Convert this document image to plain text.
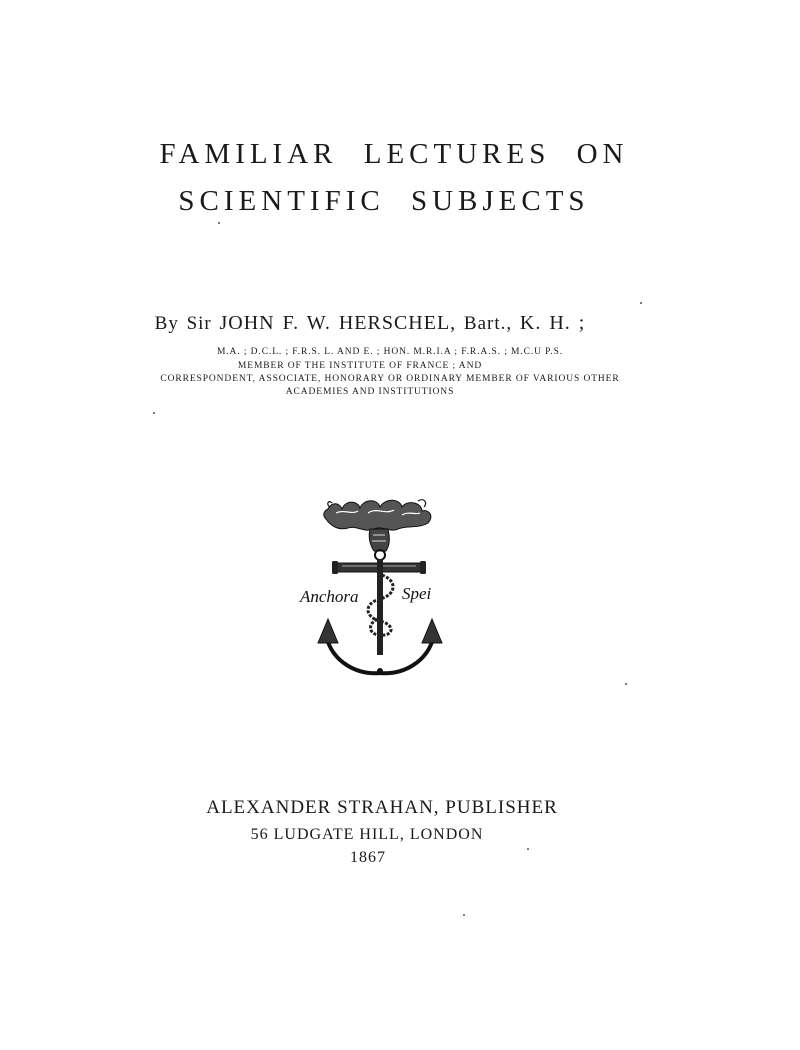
FAMILIAR LECTURES ON
SCIENTIFIC SUBJECTS
By Sir JOHN F. W. HERSCHEL, Bart., K. H. ;
M.A. ; D.C.L. ; F.R.S. L. AND E. ; HON. M.R.I.A ; F.R.A.S. ; M.C.U P.S.
MEMBER OF THE INSTITUTE OF FRANCE ; AND
CORRESPONDENT, ASSOCIATE, HONORARY OR ORDINARY MEMBER OF VARIOUS OTHER
ACADEMIES AND INSTITUTIONS
Anchora	Spei
ALEXANDER STRAHAN, PUBLISHER
56 LUDGATE HILL, LONDON
1867
